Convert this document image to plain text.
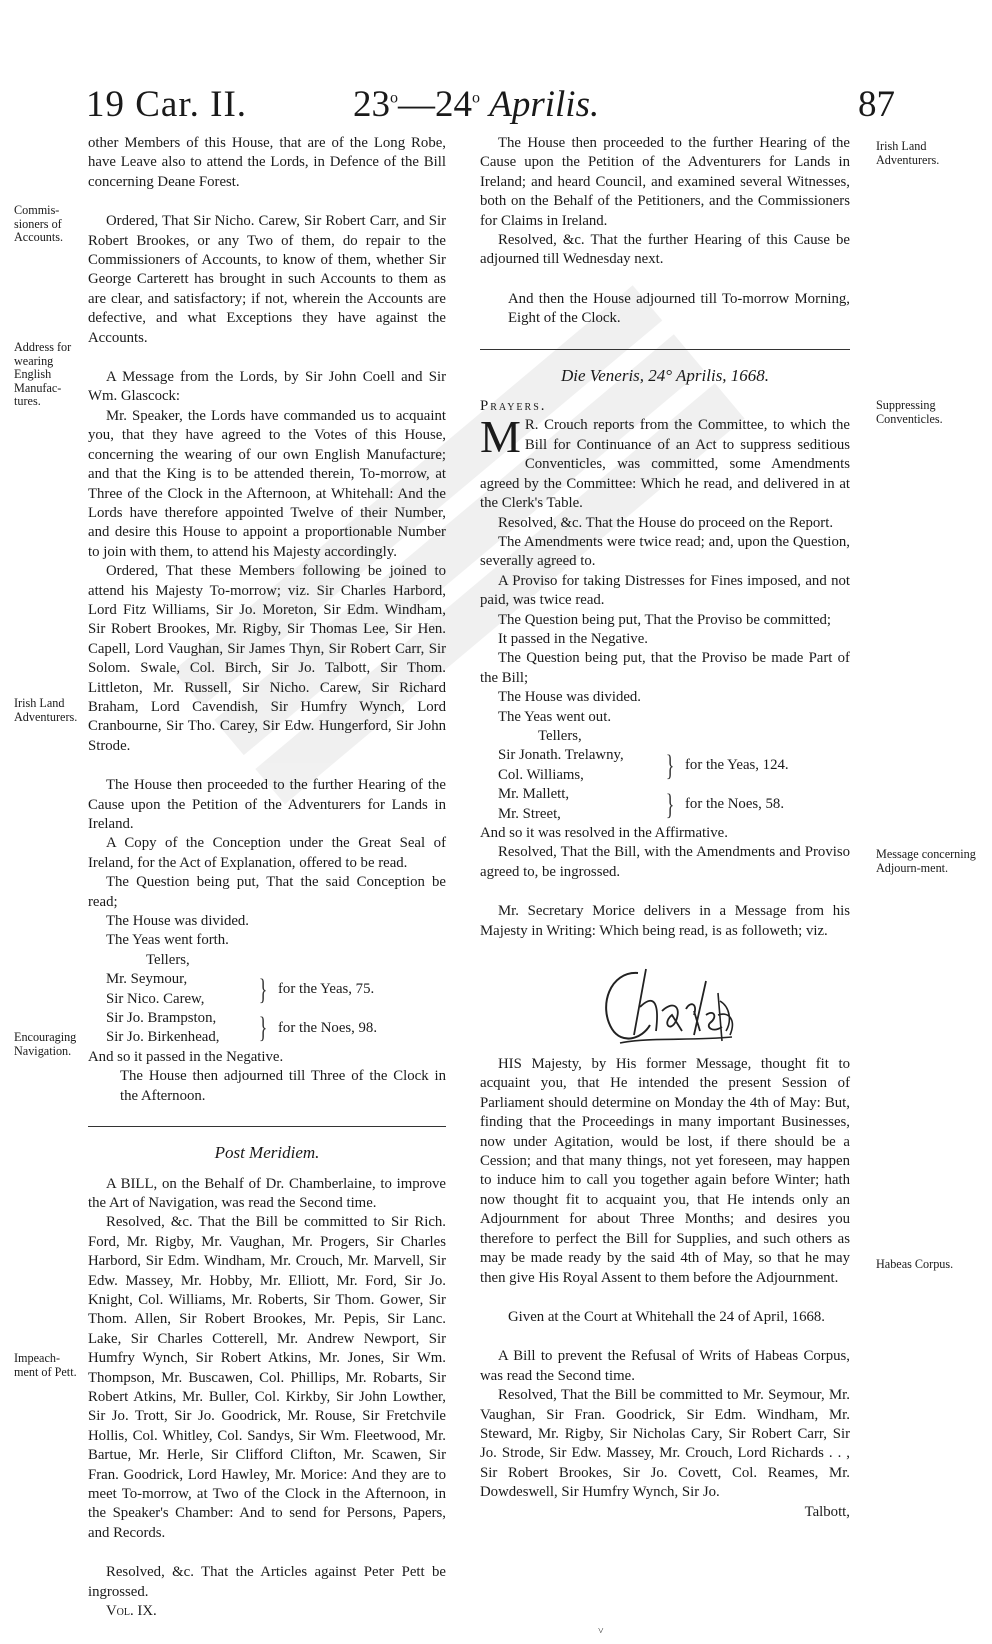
19 Car. II.	23$^o$—24$^o$ Aprilis.	87
Commis-sioners of Accounts.
Address for wearing English Manufac-tures.
Irish Land Adventurers.
Encouraging Navigation.
Impeach-ment of Pett.
Irish Land Adventurers.
Suppressing Conventicles.
Message concerning Adjourn-ment.
Habeas Corpus.

other Members of this House, that are of the Long Robe, have Leave also to attend the Lords, in Defence of the Bill concerning Deane Forest.

Ordered, That Sir Nicho. Carew, Sir Robert Carr, and Sir Robert Brookes, or any Two of them, do repair to the Commissioners of Accounts, to know of them, whether Sir George Carterett has brought in such Accounts to them as are clear, and satisfactory; if not, wherein the Accounts are defective, and what Exceptions they have against the Accounts.

A Message from the Lords, by Sir John Coell and Sir Wm. Glascock:

Mr. Speaker, the Lords have commanded us to acquaint you, that they have agreed to the Votes of this House, concerning the wearing of our own English Manufacture; and that the King is to be attended therein, To-morrow, at Three of the Clock in the Afternoon, at Whitehall: And the Lords have therefore appointed Twelve of their Number, and desire this House to appoint a proportionable Number to join with them, to attend his Majesty accordingly.

Ordered, That these Members following be joined to attend his Majesty To-morrow; viz. Sir Charles Harbord, Lord Fitz Williams, Sir Jo. Moreton, Sir Edm. Windham, Sir Robert Brookes, Mr. Rigby, Sir Thomas Lee, Sir Hen. Capell, Lord Vaughan, Sir James Thyn, Sir Robert Carr, Sir Solom. Swale, Col. Birch, Sir Jo. Talbott, Sir Thom. Littleton, Mr. Russell, Sir Nicho. Carew, Sir Richard Braham, Lord Cavendish, Sir Humfry Wynch, Lord Cranbourne, Sir Tho. Carey, Sir Edw. Hungerford, Sir John Strode.

The House then proceeded to the further Hearing of the Cause upon the Petition of the Adventurers for Lands in Ireland.

A Copy of the Conception under the Great Seal of Ireland, for the Act of Explanation, offered to be read.

The Question being put, That the said Conception be read;

The House was divided.

The Yeas went forth.

Tellers,
Mr. Seymour,
Sir Nico. Carew,	} for the Yeas, 75.
Sir Jo. Brampston,
Sir Jo. Birkenhead,	} for the Noes, 98.

And so it passed in the Negative.

The House then adjourned till Three of the Clock in the Afternoon.

Post Meridiem.

A BILL, on the Behalf of Dr. Chamberlaine, to improve the Art of Navigation, was read the Second time.

Resolved, &c. That the Bill be committed to Sir Rich. Ford, Mr. Rigby, Mr. Vaughan, Mr. Progers, Sir Charles Harbord, Sir Edm. Windham, Mr. Crouch, Mr. Marvell, Sir Edw. Massey, Mr. Hobby, Mr. Elliott, Mr. Ford, Sir Jo. Knight, Col. Williams, Mr. Roberts, Sir Thom. Gower, Sir Thom. Allen, Sir Robert Brookes, Mr. Pepis, Sir Lanc. Lake, Sir Charles Cotterell, Mr. Andrew Newport, Sir Humfry Wynch, Sir Robert Atkins, Mr. Jones, Sir Wm. Thompson, Mr. Buscawen, Col. Phillips, Mr. Robarts, Sir Robert Atkins, Mr. Buller, Col. Kirkby, Sir John Lowther, Sir Jo. Trott, Sir Jo. Goodrick, Mr. Rouse, Sir Fretchvile Hollis, Col. Whitley, Col. Sandys, Sir Wm. Fleetwood, Mr. Bartue, Mr. Herle, Sir Clifford Clifton, Mr. Scawen, Sir Fran. Goodrick, Lord Hawley, Mr. Morice: And they are to meet To-morrow, at Two of the Clock in the Afternoon, in the Speaker's Chamber: And to send for Persons, Papers, and Records.

Resolved, &c. That the Articles against Peter Pett be ingrossed.

Vol. IX.

The House then proceeded to the further Hearing of the Cause upon the Petition of the Adventurers for Lands in Ireland; and heard Council, and examined several Witnesses, both on the Behalf of the Petitioners, and the Commissioners for Claims in Ireland.

Resolved, &c. That the further Hearing of this Cause be adjourned till Wednesday next.

And then the House adjourned till To-morrow Morning, Eight of the Clock.

Die Veneris, 24° Aprilis, 1668.

Prayers.

M R. Crouch reports from the Committee, to which the Bill for Continuance of an Act to suppress seditious Conventicles, was committed, some Amendments agreed by the Committee: Which he read, and delivered in at the Clerk's Table.

Resolved, &c. That the House do proceed on the Report.

The Amendments were twice read; and, upon the Question, severally agreed to.

A Proviso for taking Distresses for Fines imposed, and not paid, was twice read.

The Question being put, That the Proviso be committed;

It passed in the Negative.

The Question being put, that the Proviso be made Part of the Bill;

The House was divided.

The Yeas went out.

Tellers,
Sir Jonath. Trelawny,
Col. Williams,	} for the Yeas, 124.
Mr. Mallett,
Mr. Street,	} for the Noes, 58.

And so it was resolved in the Affirmative.

Resolved, That the Bill, with the Amendments and Proviso agreed to, be ingrossed.

Mr. Secretary Morice delivers in a Message from his Majesty in Writing: Which being read, is as followeth; viz.

HIS Majesty, by His former Message, thought fit to acquaint you, that He intended the present Session of Parliament should determine on Monday the 4th of May: But, finding that the Proceedings in many important Businesses, now under Agitation, would be lost, if there should be a Cession; and that many things, not yet foreseen, may happen to induce him to call you together again before Winter; hath now thought fit to acquaint you, that He intends only an Adjournment for about Three Months; and desires you therefore to perfect the Bill for Supplies, and such others as may be made ready by the said 4th of May, so that he may then give His Royal Assent to them before the Adjournment.

Given at the Court at Whitehall the 24 of April, 1668.

A Bill to prevent the Refusal of Writs of Habeas Corpus, was read the Second time.

Resolved, That the Bill be committed to Mr. Seymour, Mr. Vaughan, Sir Fran. Goodrick, Sir Edm. Windham, Mr. Steward, Mr. Rigby, Sir Nicholas Cary, Sir Robert Carr, Sir Jo. Strode, Sir Edw. Massey, Mr. Crouch, Lord Richards . . , Sir Robert Brookes, Sir Jo. Covett, Col. Reames, Mr. Dowdeswell, Sir Humfry Wynch, Sir Jo.

Talbott,

˅
